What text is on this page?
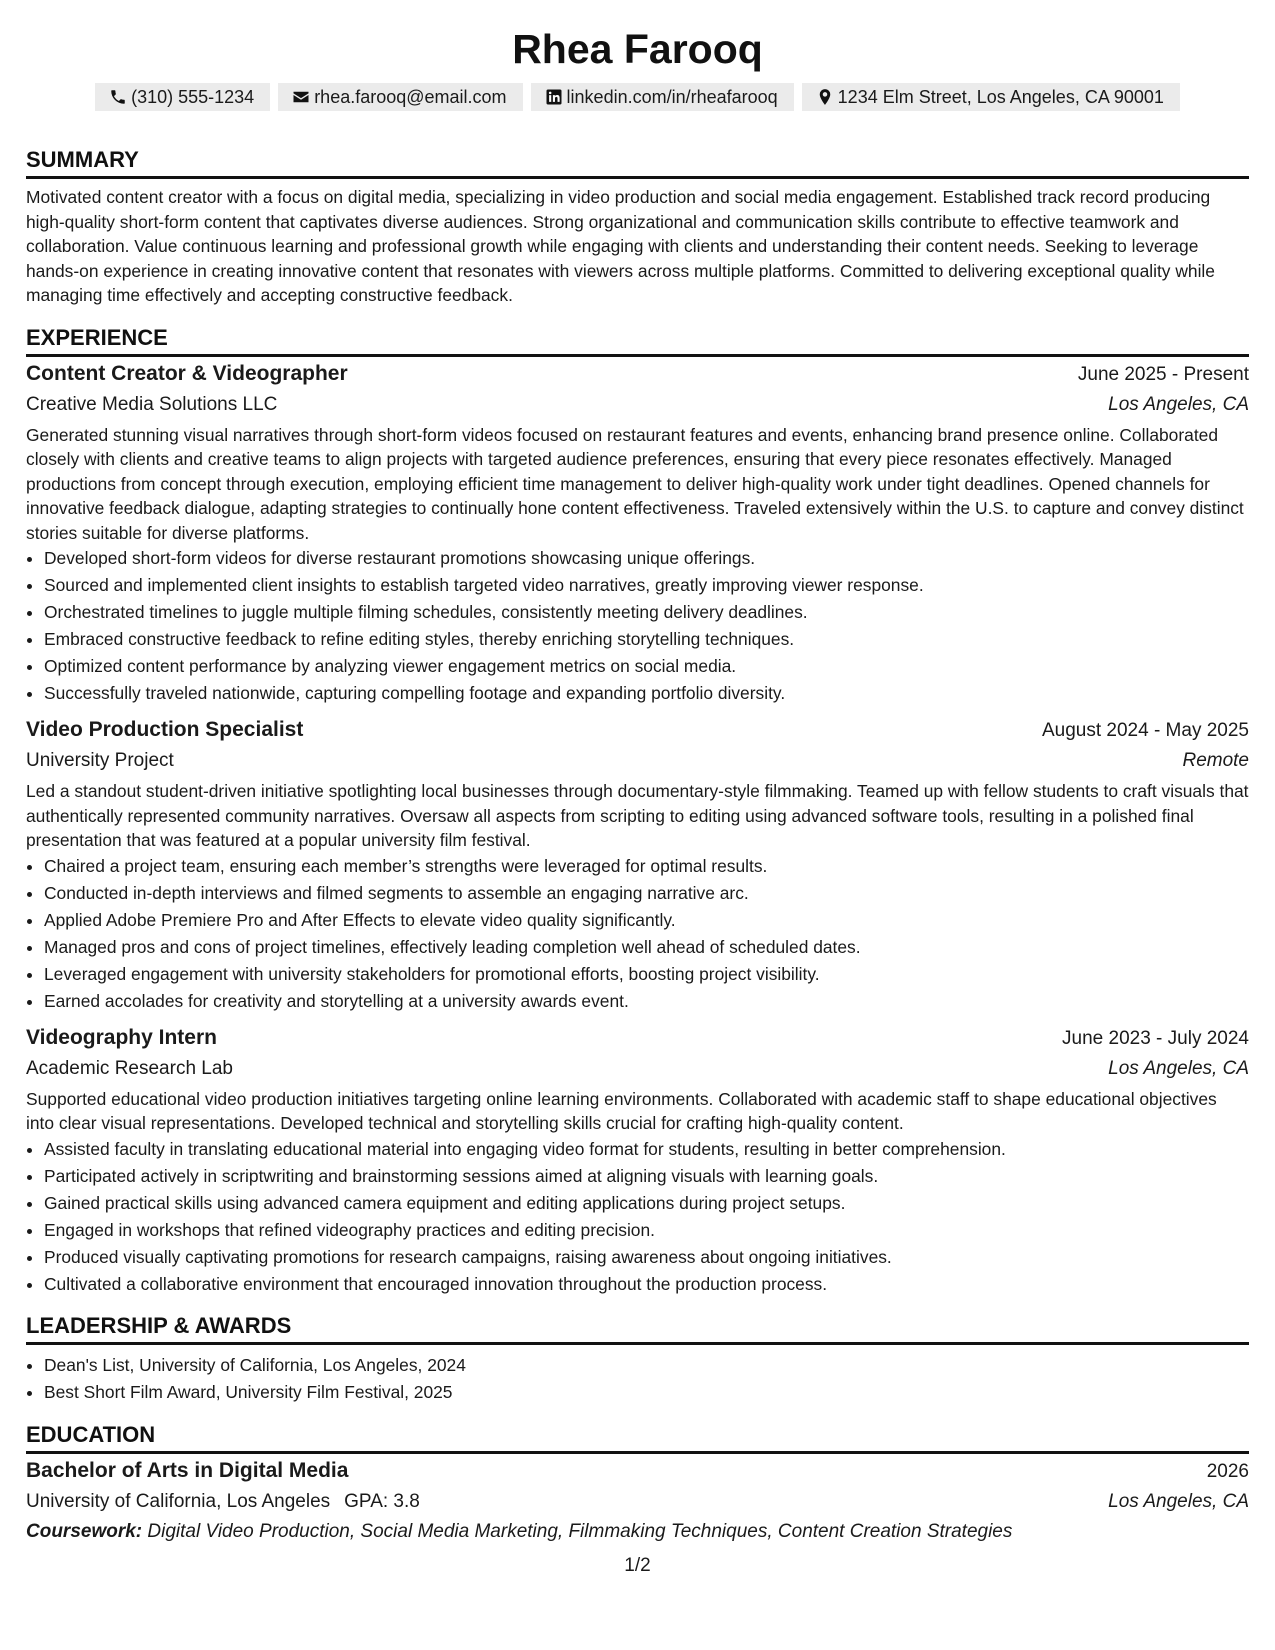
Rhea Farooq
(310) 555-1234	rhea.farooq@email.com	linkedin.com/in/rheafarooq	1234 Elm Street, Los Angeles, CA 90001
SUMMARY

Motivated content creator with a focus on digital media, specializing in video production and social media engagement. Established track record producing high-quality short-form content that captivates diverse audiences. Strong organizational and communication skills contribute to effective teamwork and collaboration. Value continuous learning and professional growth while engaging with clients and understanding their content needs. Seeking to leverage hands-on experience in creating innovative content that resonates with viewers across multiple platforms. Committed to delivering exceptional quality while managing time effectively and accepting constructive feedback.

EXPERIENCE
Content Creator & Videographer	June 2025 - Present
Creative Media Solutions LLC	Los Angeles, CA

Generated stunning visual narratives through short-form videos focused on restaurant features and events, enhancing brand presence online. Collaborated closely with clients and creative teams to align projects with targeted audience preferences, ensuring that every piece resonates effectively. Managed productions from concept through execution, employing efficient time management to deliver high-quality work under tight deadlines. Opened channels for innovative feedback dialogue, adapting strategies to continually hone content effectiveness. Traveled extensively within the U.S. to capture and convey distinct stories suitable for diverse platforms.

• Developed short-form videos for diverse restaurant promotions showcasing unique offerings.
• Sourced and implemented client insights to establish targeted video narratives, greatly improving viewer response.
• Orchestrated timelines to juggle multiple filming schedules, consistently meeting delivery deadlines.
• Embraced constructive feedback to refine editing styles, thereby enriching storytelling techniques.
• Optimized content performance by analyzing viewer engagement metrics on social media.
• Successfully traveled nationwide, capturing compelling footage and expanding portfolio diversity.
Video Production Specialist	August 2024 - May 2025
University Project	Remote

Led a standout student-driven initiative spotlighting local businesses through documentary-style filmmaking. Teamed up with fellow students to craft visuals that authentically represented community narratives. Oversaw all aspects from scripting to editing using advanced software tools, resulting in a polished final presentation that was featured at a popular university film festival.

• Chaired a project team, ensuring each member’s strengths were leveraged for optimal results.
• Conducted in-depth interviews and filmed segments to assemble an engaging narrative arc.
• Applied Adobe Premiere Pro and After Effects to elevate video quality significantly.
• Managed pros and cons of project timelines, effectively leading completion well ahead of scheduled dates.
• Leveraged engagement with university stakeholders for promotional efforts, boosting project visibility.
• Earned accolades for creativity and storytelling at a university awards event.
Videography Intern	June 2023 - July 2024
Academic Research Lab	Los Angeles, CA

Supported educational video production initiatives targeting online learning environments. Collaborated with academic staff to shape educational objectives into clear visual representations. Developed technical and storytelling skills crucial for crafting high-quality content.

• Assisted faculty in translating educational material into engaging video format for students, resulting in better comprehension.
• Participated actively in scriptwriting and brainstorming sessions aimed at aligning visuals with learning goals.
• Gained practical skills using advanced camera equipment and editing applications during project setups.
• Engaged in workshops that refined videography practices and editing precision.
• Produced visually captivating promotions for research campaigns, raising awareness about ongoing initiatives.
• Cultivated a collaborative environment that encouraged innovation throughout the production process.
LEADERSHIP & AWARDS
• Dean's List, University of California, Los Angeles, 2024
• Best Short Film Award, University Film Festival, 2025
EDUCATION
Bachelor of Arts in Digital Media	2026
University of California, Los Angeles GPA: 3.8	Los Angeles, CA
Coursework: Digital Video Production, Social Media Marketing, Filmmaking Techniques, Content Creation Strategies
1/2
